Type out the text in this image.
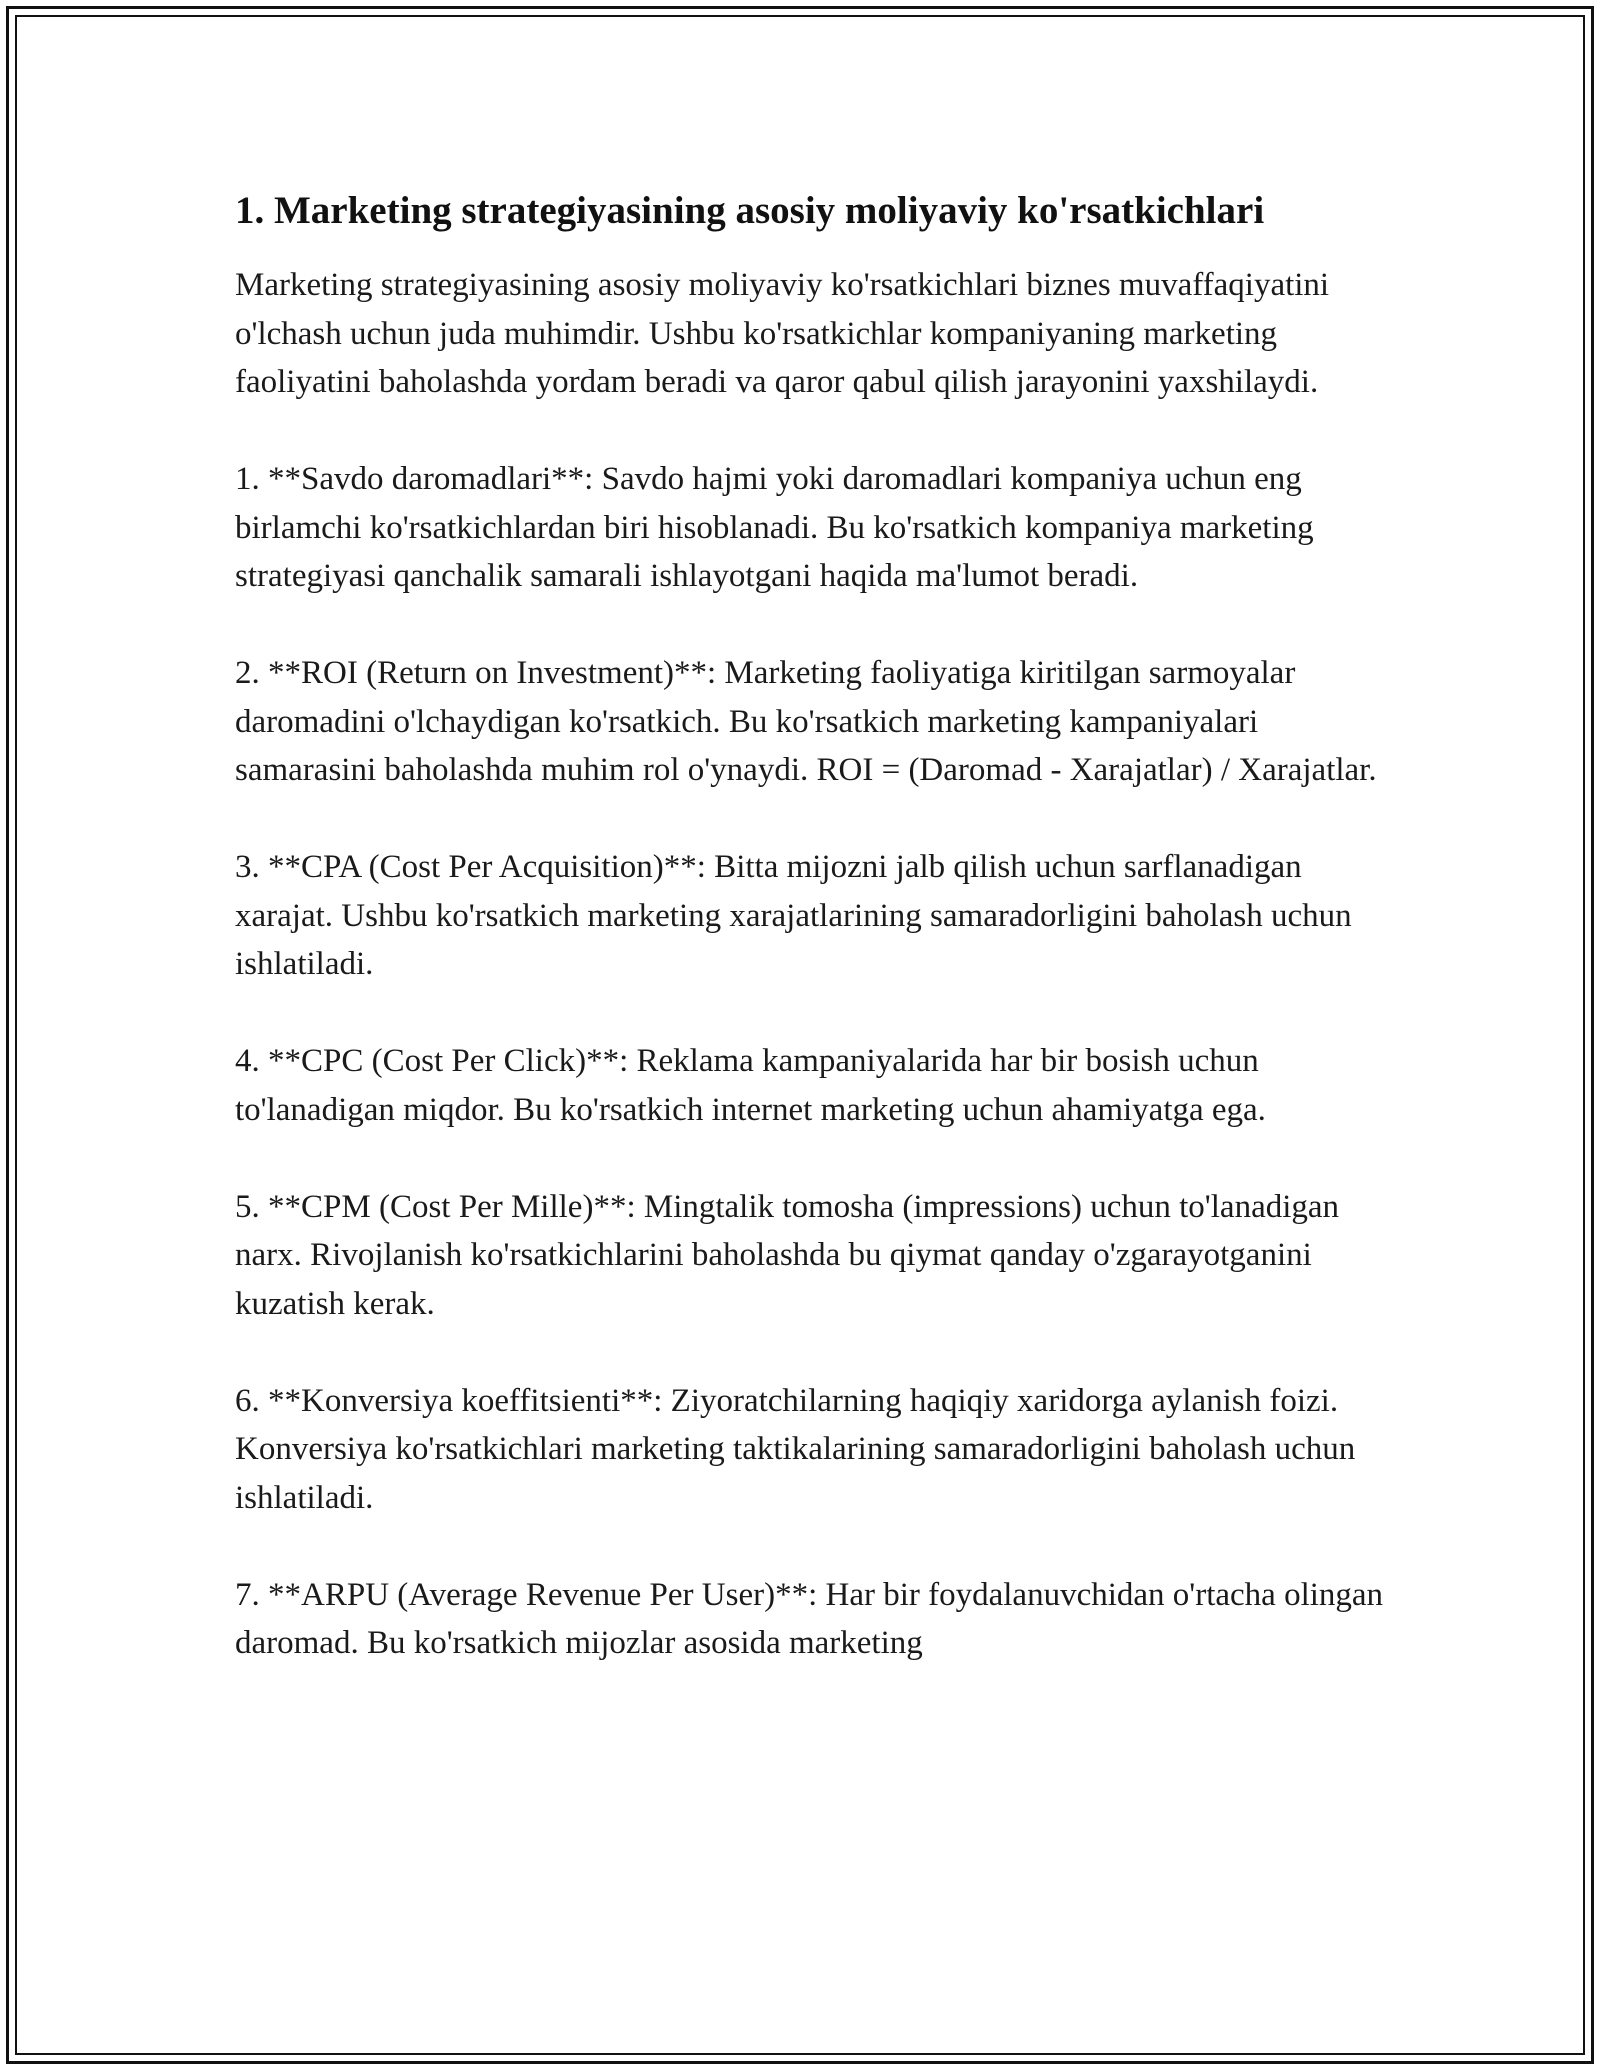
1. Marketing strategiyasining asosiy moliyaviy ko'rsatkichlari

Marketing strategiyasining asosiy moliyaviy ko'rsatkichlari biznes muvaffaqiyatini o'lchash uchun juda muhimdir. Ushbu ko'rsatkichlar kompaniyaning marketing faoliyatini baholashda yordam beradi va qaror qabul qilish jarayonini yaxshilaydi.

1. **Savdo daromadlari**: Savdo hajmi yoki daromadlari kompaniya uchun eng birlamchi ko'rsatkichlardan biri hisoblanadi. Bu ko'rsatkich kompaniya marketing strategiyasi qanchalik samarali ishlayotgani haqida ma'lumot beradi.

2. **ROI (Return on Investment)**: Marketing faoliyatiga kiritilgan sarmoyalar daromadini o'lchaydigan ko'rsatkich. Bu ko'rsatkich marketing kampaniyalari samarasini baholashda muhim rol o'ynaydi. ROI = (Daromad - Xarajatlar) / Xarajatlar.

3. **CPA (Cost Per Acquisition)**: Bitta mijozni jalb qilish uchun sarflanadigan xarajat. Ushbu ko'rsatkich marketing xarajatlarining samaradorligini baholash uchun ishlatiladi.

4. **CPC (Cost Per Click)**: Reklama kampaniyalarida har bir bosish uchun to'lanadigan miqdor. Bu ko'rsatkich internet marketing uchun ahamiyatga ega.

5. **CPM (Cost Per Mille)**: Mingtalik tomosha (impressions) uchun to'lanadigan narx. Rivojlanish ko'rsatkichlarini baholashda bu qiymat qanday o'zgarayotganini kuzatish kerak.

6. **Konversiya koeffitsienti**: Ziyoratchilarning haqiqiy xaridorga aylanish foizi. Konversiya ko'rsatkichlari marketing taktikalarining samaradorligini baholash uchun ishlatiladi.

7. **ARPU (Average Revenue Per User)**: Har bir foydalanuvchidan o'rtacha olingan daromad. Bu ko'rsatkich mijozlar asosida marketing
